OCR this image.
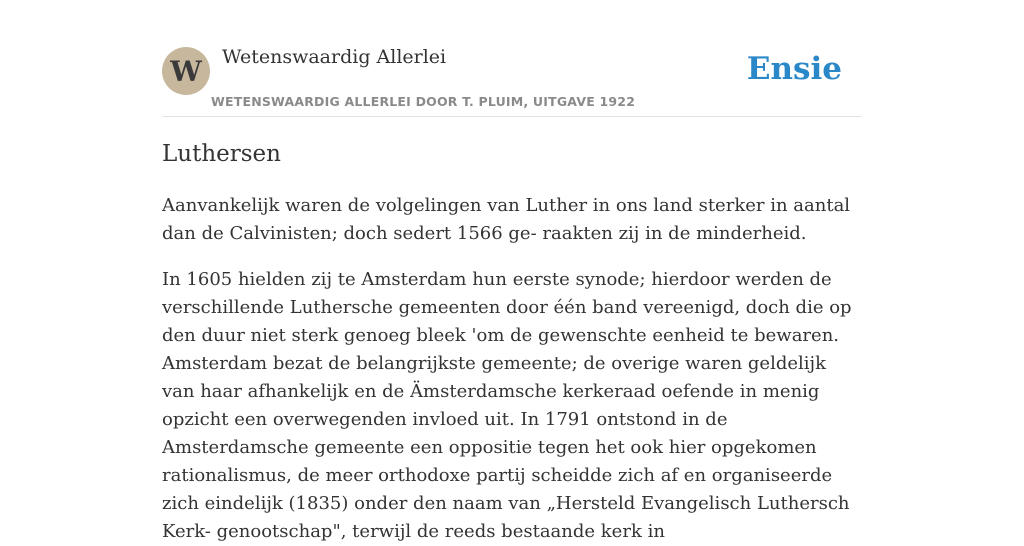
W	Wetenswaardig Allerlei
WETENSWAARDIG ALLERLEI DOOR T. PLUIM, UITGAVE 1922
Ensie
Luthersen

Aanvankelijk waren de volgelingen van Luther in ons land sterker in aantal dan de Calvinisten; doch sedert 1566 ge- raakten zij in de minderheid.

In 1605 hielden zij te Amsterdam hun eerste synode; hierdoor werden de verschillende Luthersche gemeenten door één band vereenigd, doch die op den duur niet sterk genoeg bleek 'om de gewenschte eenheid te bewaren. Amsterdam bezat de belangrijkste gemeente; de overige waren geldelijk van haar afhankelijk en de Ämsterdamsche kerkeraad oefende in menig opzicht een overwegenden invloed uit. In 1791 ontstond in de Amsterdamsche gemeente een oppositie tegen het ook hier opgekomen rationalismus, de meer orthodoxe partij scheidde zich af en organiseerde zich eindelijk (1835) onder den naam van „Hersteld Evangelisch Luthersch Kerk- genootschap", terwijl de reeds bestaande kerk in
